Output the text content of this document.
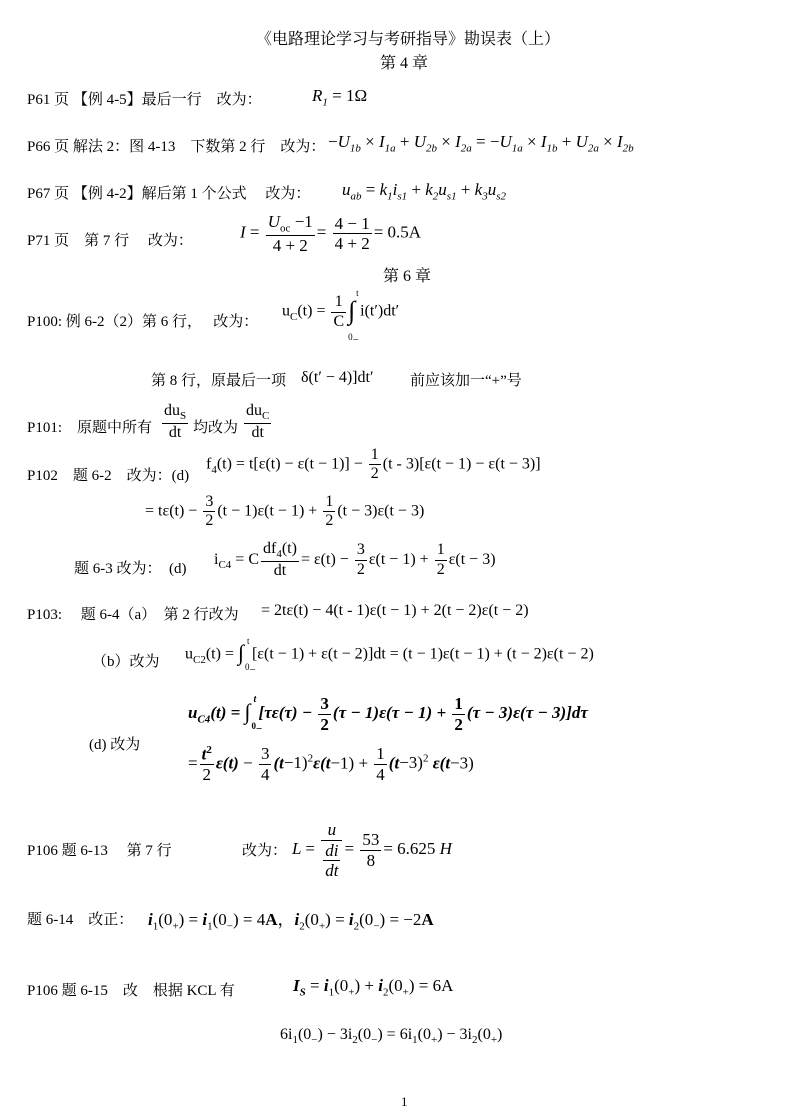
《电路理论学习与考研指导》勘误表（上）
第 4 章
P61 页 【例 4-5】最后一行　改为：	$R_1 = 1\Omega$
P66 页 解法 2：图 4-13　下数第 2 行　改为： $-U_{1b} \times I_{1a} + U_{2b} \times I_{2a} = -U_{1a} \times I_{1b} + U_{2a} \times I_{2b}$
P67 页 【例 4-2】解后第 1 个公式　 改为： $u_{ab} = k_1i_{s1} + k_2u_{s1} + k_3u_{s2}$
P71 页　第 7 行　 改为：	$I = \frac{U_{oc} -1}{4 + 2} = \frac{4 - 1}{4 + 2} = 0.5A$
第 6 章
P100: 例 6-2（2）第 6 行，　 改为：
$u_C(t) = \frac{1}{C}$ ∫
t
$0_-$
i(t′)dt′
第 8 行，原最后一项 δ(t′ − 4)]dt′ 前应该加一“+”号
P101:　原题中所有 $\frac{du_S}{dt}$ 均改为 $\frac{du_C}{dt}$
P102　题 6-2　改为：(d)
$f_4(t) = t[\varepsilon(t) - \varepsilon(t - 1)] - \frac{1}{2} (t - 3)[\varepsilon(t - 1) - \varepsilon(t - 3)]$
= $t\varepsilon(t) - \frac{3}{2} (t - 1)\varepsilon(t - 1) + \frac{1}{2} (t - 3)\varepsilon(t - 3)$
题 6-3 改为：　(d)
$i_{C4} = C \frac{df_4(t)}{dt} = \varepsilon(t) - \frac{3}{2} \varepsilon(t - 1) + \frac{1}{2} \varepsilon(t - 3)$
P103:　 题 6-4（a）　第 2 行改为 = 2tε(t) − 4(t - 1)ε(t − 1) + 2(t − 2)ε(t − 2)
（b）改为 $u_{C2}(t)$ = ∫ t
$0_-$
[ε(t − 1) + ε(t − 2)]dt = (t − 1)ε(t − 1) + (t − 2)ε(t − 2)
(d) 改为
$u_{C4}(t)$ = ∫ t
$0_-$
$[\tau\varepsilon(\tau) - \frac{3}{2} (\tau - 1)\varepsilon(\tau - 1) + \frac{1}{2} (\tau - 3)\varepsilon(\tau - 3)]d\tau$
= $\frac{t^2}{2} \varepsilon(t) - \frac{3}{4} (t-1)^2\varepsilon(t-1) + \frac{1}{4} (t-3)^2$ ε(t−3)
P106 题 6-13　 第 7 行	改为： $L = \frac{u}{\frac{di}{dt}} = \frac{53}{8} = 6.625$ H
题 6-14　改正： $i_1(0_+) = i_1(0_-) = 4A$，$i_2(0_+) = i_2(0_-) = -2A$
P106 题 6-15　改　根据 KCL 有	$I_S = i_1(0_+) + i_2(0_+) = 6A$
$6i_1(0_-) - 3i_2(0_-) = 6i_1(0_+) - 3i_2(0_+)$
1
